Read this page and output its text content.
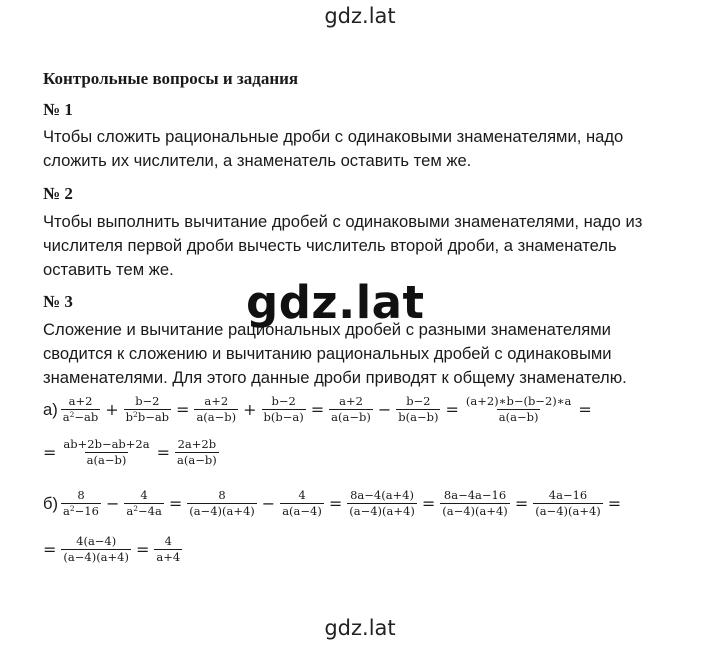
gdz.lat
Контрольные вопросы и задания
№ 1
Чтобы сложить рациональные дроби с одинаковыми знаменателями, надо
сложить их числители, а знаменатель оставить тем же.
№ 2
Чтобы выполнить вычитание дробей с одинаковыми знаменателями, надо из
числителя первой дроби вычесть числитель второй дроби, а знаменатель
оставить тем же.
№ 3
Сложение и вычитание рациональных дробей с разными знаменателями
сводится к сложению и вычитанию рациональных дробей с одинаковыми
знаменателями. Для этого данные дроби приводят к общему знаменателю.
gdz.lat
$а) \frac{a+2}{a^2-ab} + \frac{b-2}{b^2b-ab} = \frac{a+2}{a(a-b)} + \frac{b-2}{b(b-a)} = \frac{a+2}{a(a-b)} - \frac{b-2}{b(a-b)} = \frac{(a+2)∗b-(b-2)∗a}{a(a-b)}$ =
= $\frac{ab+2b-ab+2a}{a(a-b)} = \frac{2a+2b}{a(a-b)}$
$б) \frac{8}{a^2-16} - \frac{4}{a^2-4a} = \frac{8}{(a-4)(a+4)} - \frac{4}{a(a-4)} = \frac{8a-4(a+4)}{(a-4)(a+4)} = \frac{8a-4a-16}{(a-4)(a+4)} = \frac{4a-16}{(a-4)(a+4)}$ =
= $\frac{4(a-4)}{(a-4)(a+4)} = \frac{4}{a+4}$
gdz.lat
